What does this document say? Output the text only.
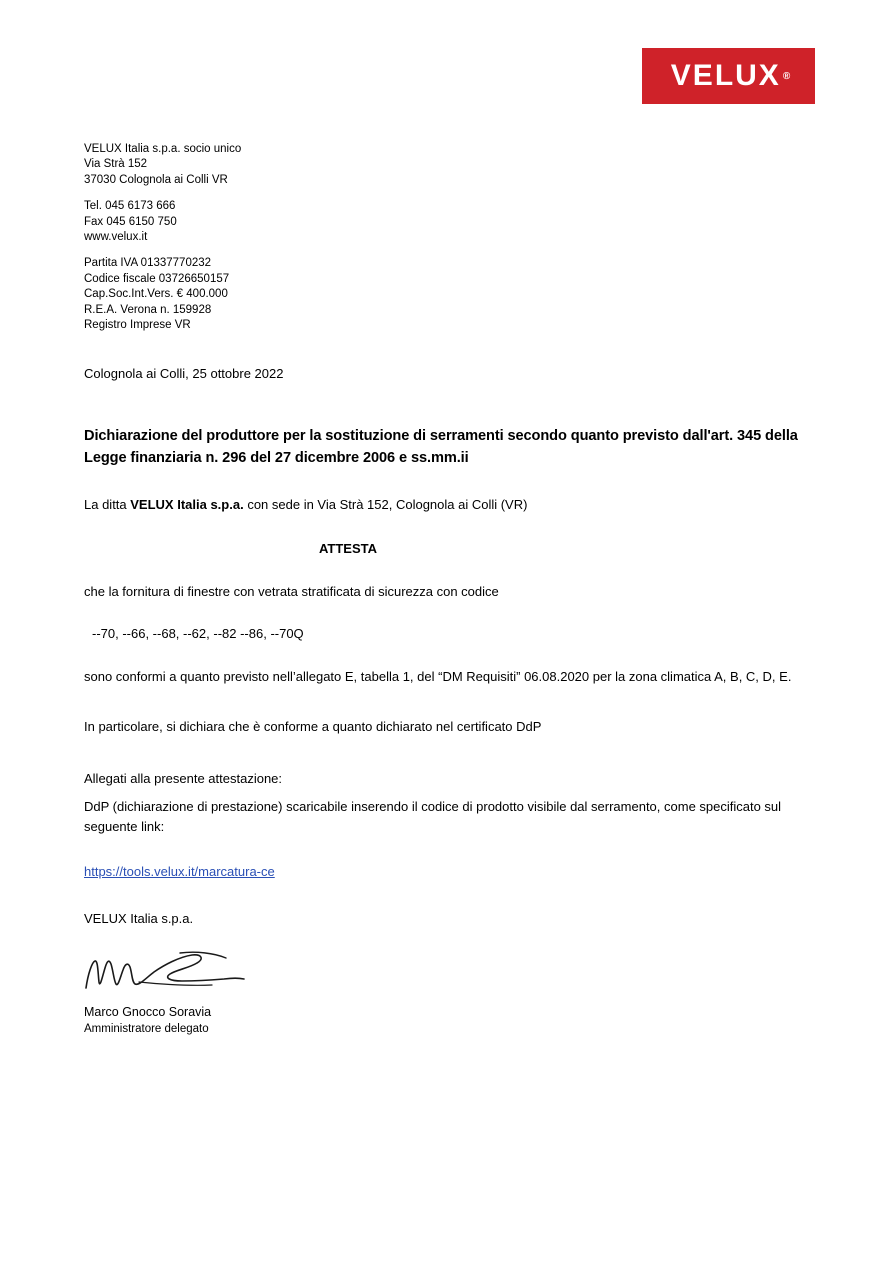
VELUX ®
VELUX Italia s.p.a. socio unico
Via Strà 152
37030 Colognola ai Colli VR
Tel. 045 6173 666
Fax 045 6150 750
www.velux.it
Partita IVA 01337770232
Codice fiscale 03726650157
Cap.Soc.Int.Vers. € 400.000
R.E.A. Verona n. 159928
Registro Imprese VR
Colognola ai Colli, 25 ottobre 2022
Dichiarazione del produttore per la sostituzione di serramenti secondo quanto previsto dall'art. 345 della Legge finanziaria n. 296 del 27 dicembre 2006 e ss.mm.ii
La ditta VELUX Italia s.p.a. con sede in Via Strà 152, Colognola ai Colli (VR)
ATTESTA
che la fornitura di finestre con vetrata stratificata di sicurezza con codice
--70, --66, --68, --62, --82 --86, --70Q
sono conformi a quanto previsto nell’allegato E, tabella 1, del “DM Requisiti” 06.08.2020 per la zona climatica A, B, C, D, E.
In particolare, si dichiara che è conforme a quanto dichiarato nel certificato DdP
Allegati alla presente attestazione:
DdP (dichiarazione di prestazione) scaricabile inserendo il codice di prodotto visibile dal serramento, come specificato sul seguente link:
https://tools.velux.it/marcatura-ce
VELUX Italia s.p.a.
Marco Gnocco Soravia
Amministratore delegato
